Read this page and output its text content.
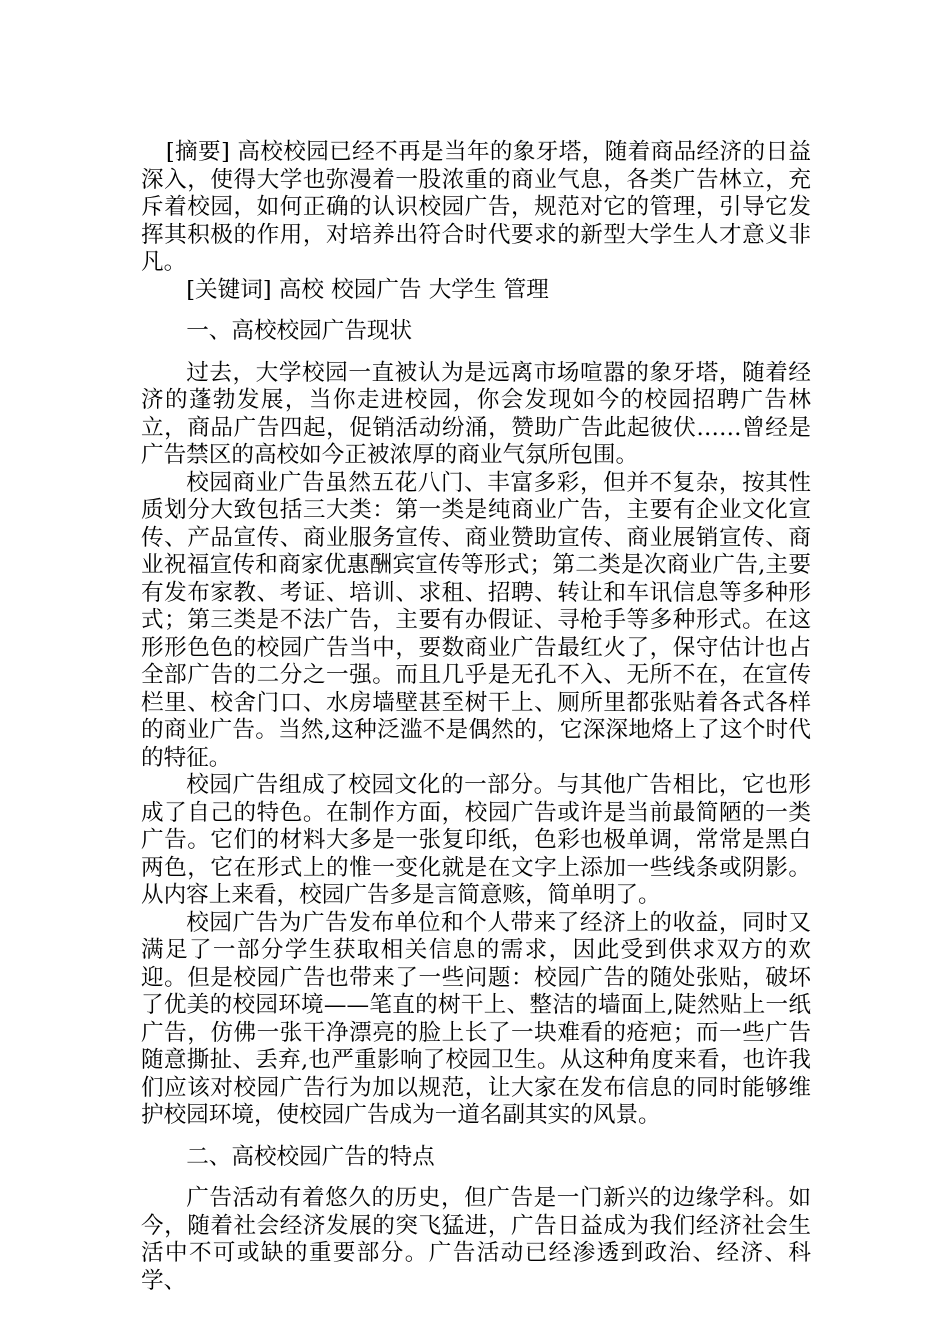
[摘要] 高校校园已经不再是当年的象牙塔，随着商品经济的日益深入，使得大学也弥漫着一股浓重的商业气息，各类广告林立，充斥着校园，如何正确的认识校园广告，规范对它的管理，引导它发挥其积极的作用，对培养出符合时代要求的新型大学生人才意义非凡。

[关键词] 高校 校园广告 大学生 管理

一、高校校园广告现状

过去，大学校园一直被认为是远离市场喧嚣的象牙塔，随着经济的蓬勃发展，当你走进校园，你会发现如今的校园招聘广告林立，商品广告四起，促销活动纷涌，赞助广告此起彼伏……曾经是广告禁区的高校如今正被浓厚的商业气氛所包围。

校园商业广告虽然五花八门、丰富多彩，但并不复杂，按其性质划分大致包括三大类：第一类是纯商业广告，主要有企业文化宣传、产品宣传、商业服务宣传、商业赞助宣传、商业展销宣传、商业祝福宣传和商家优惠酬宾宣传等形式；第二类是次商业广告,主要有发布家教、考证、培训、求租、招聘、转让和车讯信息等多种形式；第三类是不法广告，主要有办假证、寻枪手等多种形式。在这形形色色的校园广告当中，要数商业广告最红火了，保守估计也占全部广告的二分之一强。而且几乎是无孔不入、无所不在，在宣传栏里、校舍门口、水房墙壁甚至树干上、厕所里都张贴着各式各样的商业广告。当然,这种泛滥不是偶然的，它深深地烙上了这个时代的特征。

校园广告组成了校园文化的一部分。与其他广告相比，它也形成了自己的特色。在制作方面，校园广告或许是当前最简陋的一类广告。它们的材料大多是一张复印纸，色彩也极单调，常常是黑白两色，它在形式上的惟一变化就是在文字上添加一些线条或阴影。从内容上来看，校园广告多是言简意赅，简单明了。

校园广告为广告发布单位和个人带来了经济上的收益，同时又满足了一部分学生获取相关信息的需求，因此受到供求双方的欢迎。但是校园广告也带来了一些问题：校园广告的随处张贴，破坏了优美的校园环境——笔直的树干上、整洁的墙面上,陡然贴上一纸广告，仿佛一张干净漂亮的脸上长了一块难看的疮疤；而一些广告随意撕扯、丢弃,也严重影响了校园卫生。从这种角度来看，也许我们应该对校园广告行为加以规范，让大家在发布信息的同时能够维护校园环境，使校园广告成为一道名副其实的风景。

二、高校校园广告的特点

广告活动有着悠久的历史，但广告是一门新兴的边缘学科。如今，随着社会经济发展的突飞猛进，广告日益成为我们经济社会生活中不可或缺的重要部分。广告活动已经渗透到政治、经济、科学、
